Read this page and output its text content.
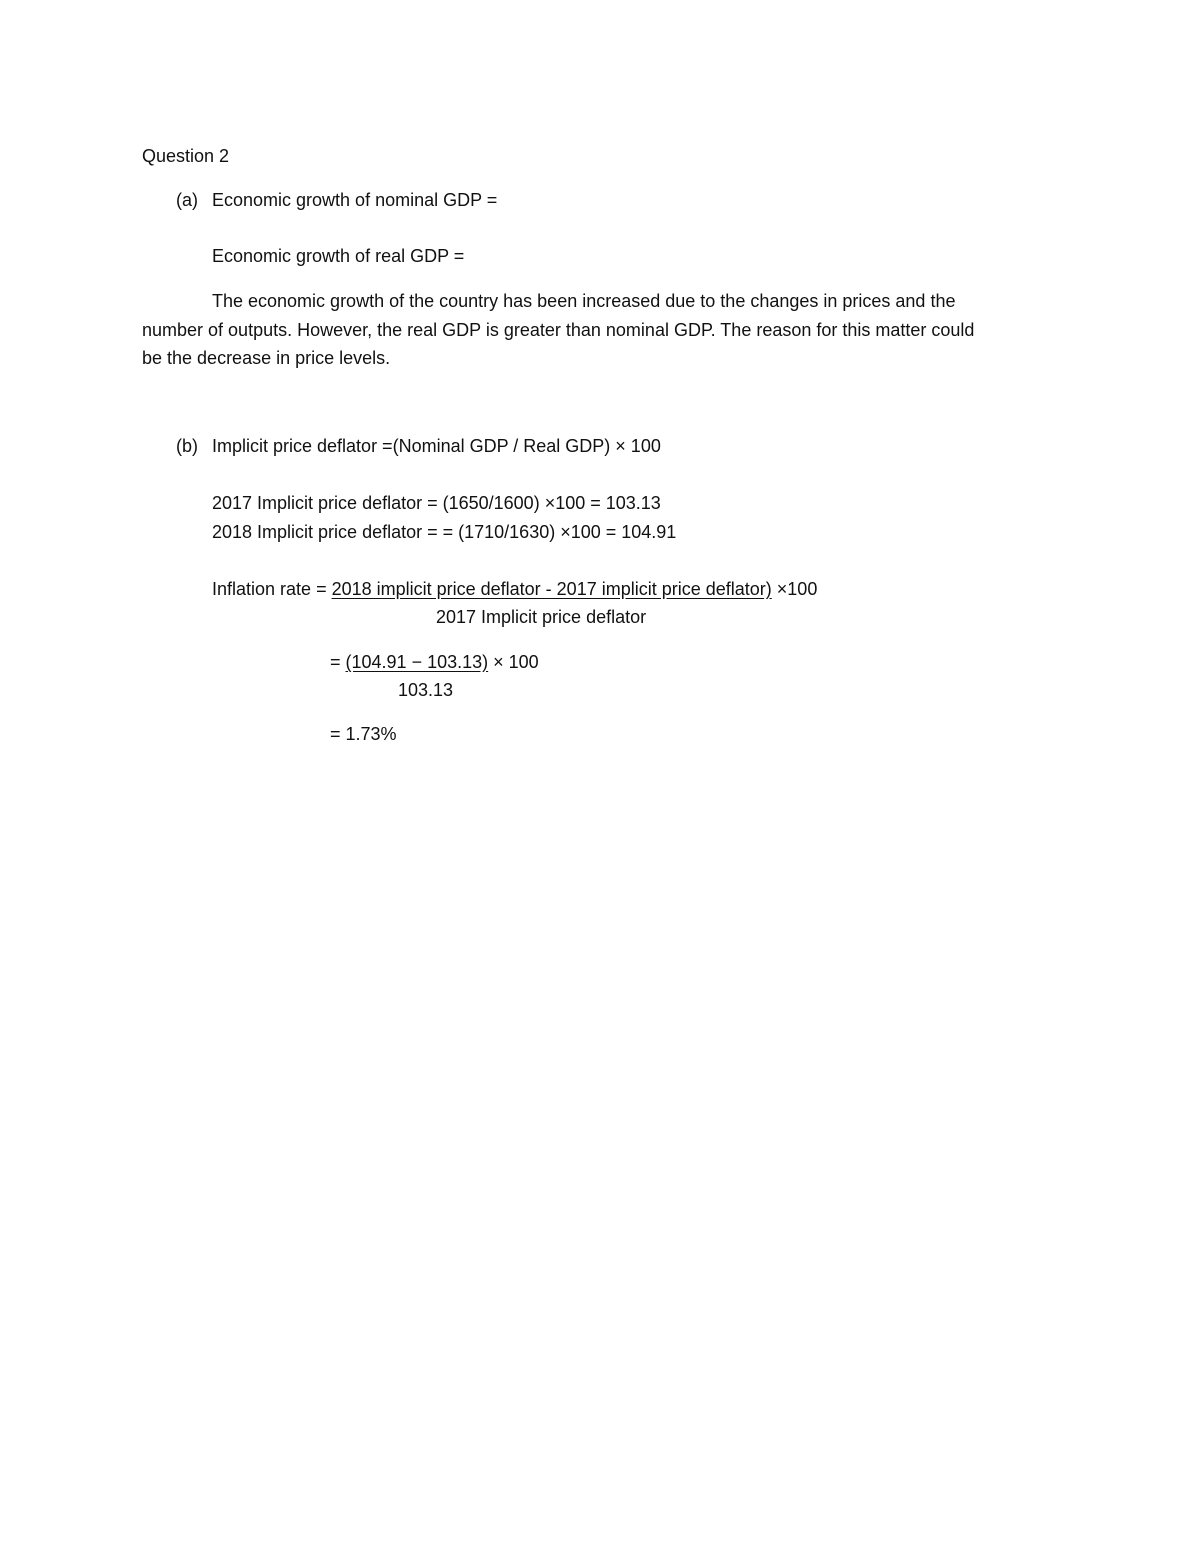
Question 2
(a) Economic growth of nominal GDP =
Economic growth of real GDP =
The economic growth of the country has been increased due to the changes in prices and the
number of outputs. However, the real GDP is greater than nominal GDP. The reason for this matter could
be the decrease in price levels.
(b) Implicit price deflator =(Nominal GDP / Real GDP) × 100
2017 Implicit price deflator = (1650/1600) ×100 = 103.13
2018 Implicit price deflator = = (1710/1630) ×100 = 104.91
Inflation rate = 2018 implicit price deflator - 2017 implicit price deflator) ×100
2017 Implicit price deflator
= (104.91 − 103.13) × 100
103.13
= 1.73%
